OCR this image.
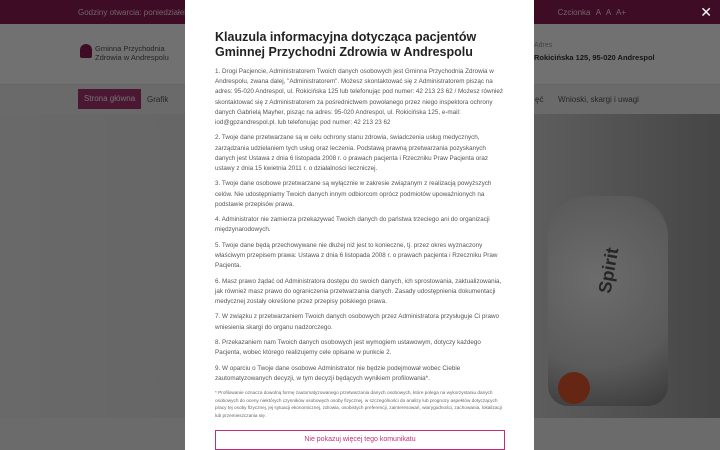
✕
Klauzula informacyjna dotycząca pacjentów Gminnej Przychodni Zdrowia w Andrespolu

1. Drogi Pacjencie, Administratorem Twoich danych osobowych jest Gminna Przychodnia Zdrowia w Andrespolu, zwana dalej, "Administratorem". Możesz skontaktować się z Administratorem pisząc na adres: 95-020 Andrespol, ul. Rokicińska 125 lub telefonując pod numer: 42 213 23 62 / Możesz również skontaktować się z Administratorem za pośrednictwem powołanego przez niego inspektora ochrony danych Gabrielą Mayher, pisząc na adres: 95-020 Andrespol, ul. Rokicińska 125, e-mail: iod@gpzandrespol.pl. lub telefonując pod numer: 42 213 23 62

2. Twoje dane przetwarzane są w celu ochrony stanu zdrowia, świadczenia usług medycznych, zarządzania udzielaniem tych usług oraz leczenia. Podstawą prawną przetwarzania pozyskanych danych jest Ustawa z dnia 6 listopada 2008 r. o prawach pacjenta i Rzeczniku Praw Pacjenta oraz ustawy z dnia 15 kwietnia 2011 r. o działalności leczniczej.

3. Twoje dane osobowe przetwarzane są wyłącznie w zakresie związanym z realizacją powyższych celów. Nie udostępniamy Twoich danych innym odbiorcom oprócz podmiotów upoważnionych na podstawie przepisów prawa.

4. Administrator nie zamierza przekazywać Twoich danych do państwa trzeciego ani do organizacji międzynarodowych.

5. Twoje dane będą przechowywane nie dłużej niż jest to konieczne, tj. przez okres wyznaczony właściwym przepisem prawa: Ustawa z dnia 6 listopada 2008 r. o prawach pacjenta i Rzeczniku Praw Pacjenta.

6. Masz prawo żądać od Administratora dostępu do swoich danych, ich sprostowania, zaktualizowania, jak również masz prawo do ograniczenia przetwarzania danych. Zasady udostępnienia dokumentacji medycznej zostały określone przez przepisy polskiego prawa.

7. W związku z przetwarzaniem Twoich danych osobowych przez Administratora przysługuje Ci prawo wniesienia skargi do organu nadzorczego.

8. Przekazaniem nam Twoich danych osobowych jest wymogiem ustawowym, dotyczy każdego Pacjenta, wobec którego realizujemy cele opisane w punkcie 2.

9. W oparciu o Twoje dane osobowe Administrator nie będzie podejmował wobec Ciebie zautomatyzowanych decyzji, w tym decyzji będących wynikiem profilowania*.

* Profilowanie oznacza dowolną formę zautomatyzowanego przetwarzania danych osobowych, które polega na wykorzystaniu danych osobowych do oceny niektórych czynników osobowych osoby fizycznej, w szczególności do analizy lub prognozy aspektów dotyczących pracy tej osoby fizycznej, jej sytuacji ekonomicznej, zdrowia, osobistych preferencji, zainteresowań, wiarygodności, zachowania, lokalizacji lub przemieszczania się.

Nie pokazuj więcej tego komunikatu
